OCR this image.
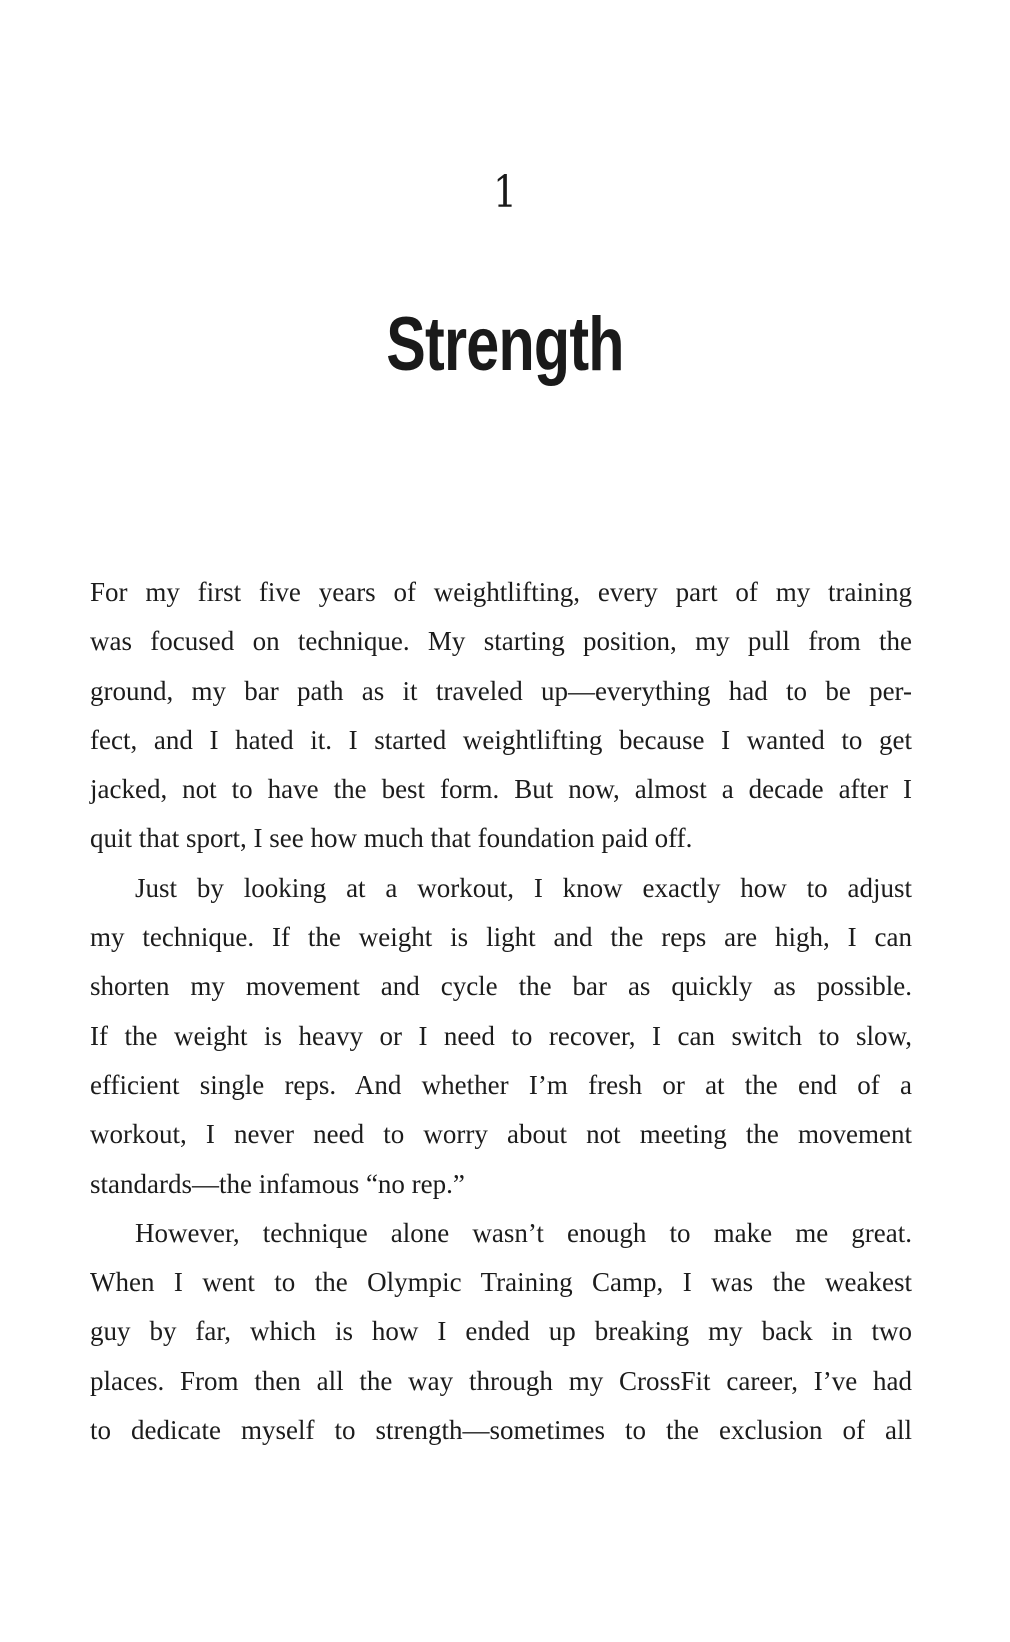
1
Strength
For my first five years of weightlifting, every part of my training
was focused on technique. My starting position, my pull from the
ground, my bar path as it traveled up—everything had to be per-
fect, and I hated it. I started weightlifting because I wanted to get
jacked, not to have the best form. But now, almost a decade after I
quit that sport, I see how much that foundation paid off.
Just by looking at a workout, I know exactly how to adjust
my technique. If the weight is light and the reps are high, I can
shorten my movement and cycle the bar as quickly as possible.
If the weight is heavy or I need to recover, I can switch to slow,
efficient single reps. And whether I’m fresh or at the end of a
workout, I never need to worry about not meeting the movement
standards—the infamous “no rep.”
However, technique alone wasn’t enough to make me great.
When I went to the Olympic Training Camp, I was the weakest
guy by far, which is how I ended up breaking my back in two
places. From then all the way through my CrossFit career, I’ve had
to dedicate myself to strength—sometimes to the exclusion of all
